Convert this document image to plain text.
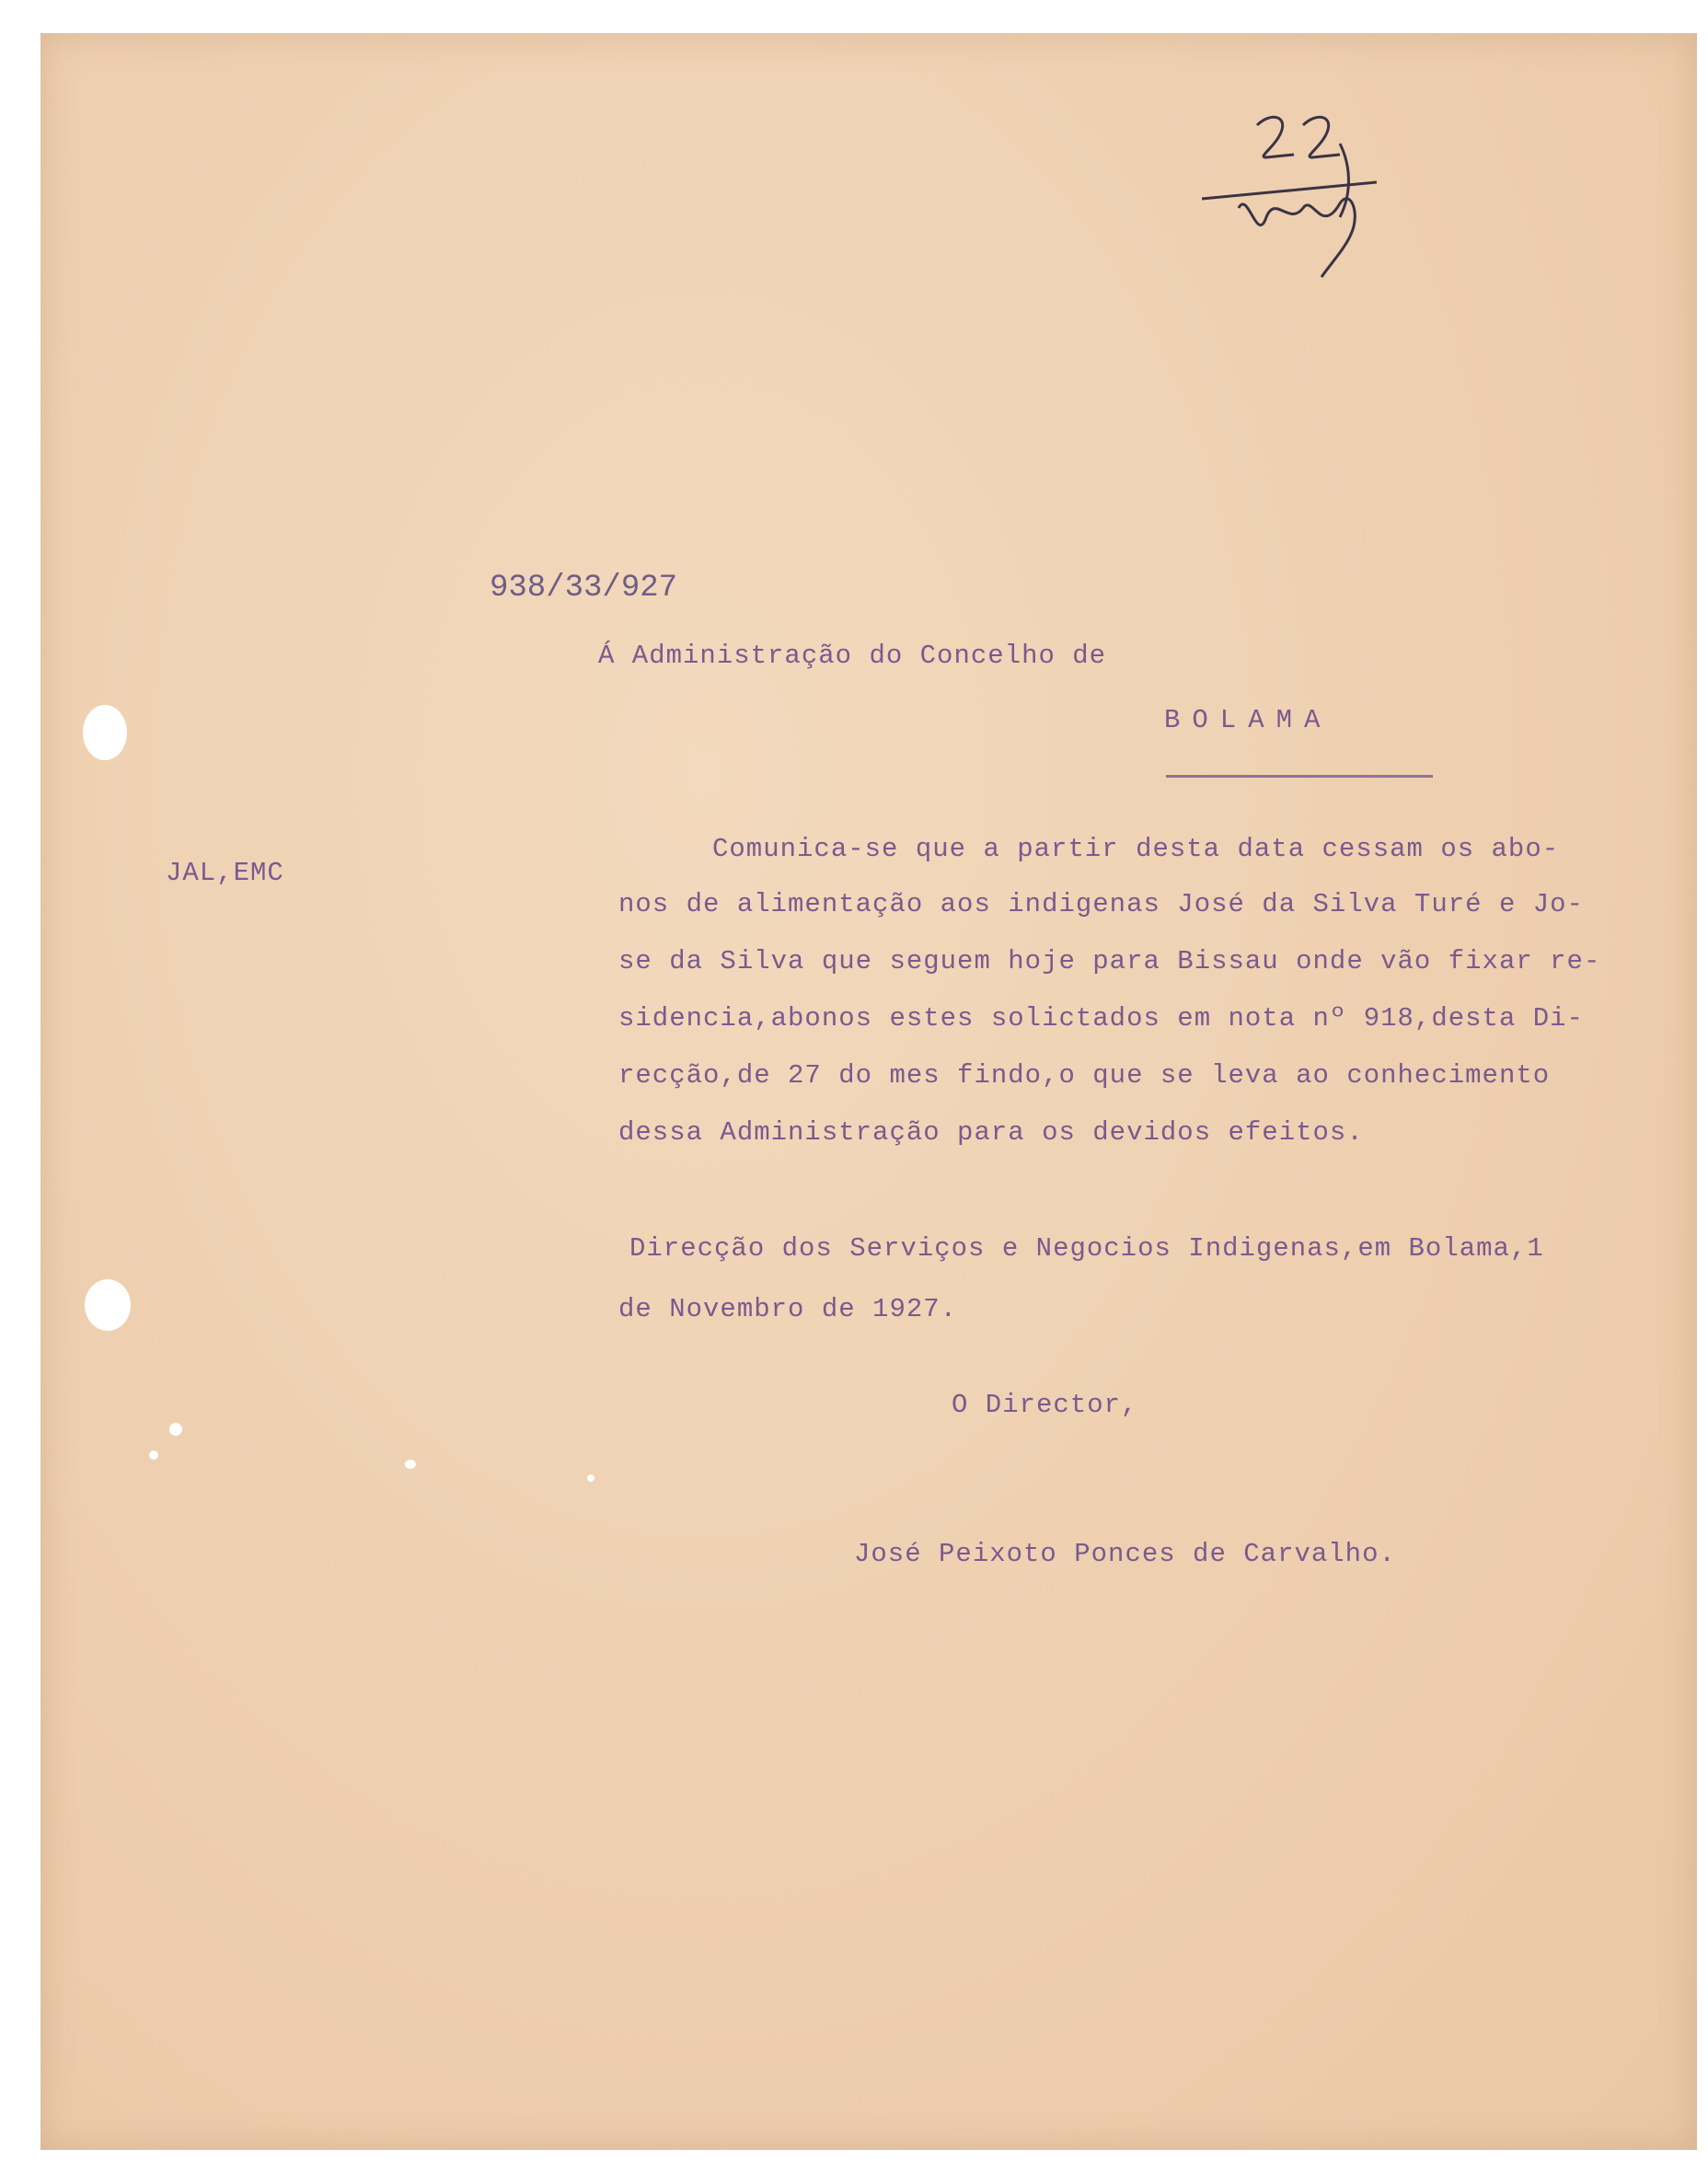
938/33/927
Á Administração do Concelho de
BOLAMA
JAL,EMC
Comunica-se que a partir desta data cessam os abo-
nos de alimentação aos indigenas José da Silva Turé e Jo-
se da Silva que seguem hoje para Bissau onde vão fixar re-
sidencia,abonos estes solictados em nota nº 918,desta Di-
recção,de 27 do mes findo,o que se leva ao conhecimento
dessa Administração para os devidos efeitos.
Direcção dos Serviços e Negocios Indigenas,em Bolama,1
de Novembro de 1927.
O Director,
José Peixoto Ponces de Carvalho.
